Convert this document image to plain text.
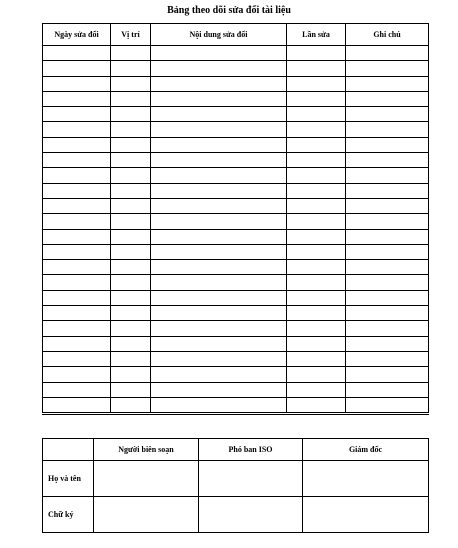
Bảng theo dõi sửa đổi tài liệu
Ngày sửa đổi	Vị trí	Nội dung sửa đổi	Lần sửa	Ghi chú

	Người biên soạn	Phó ban ISO	Giám đốc
Họ và tên			
Chữ ký			
